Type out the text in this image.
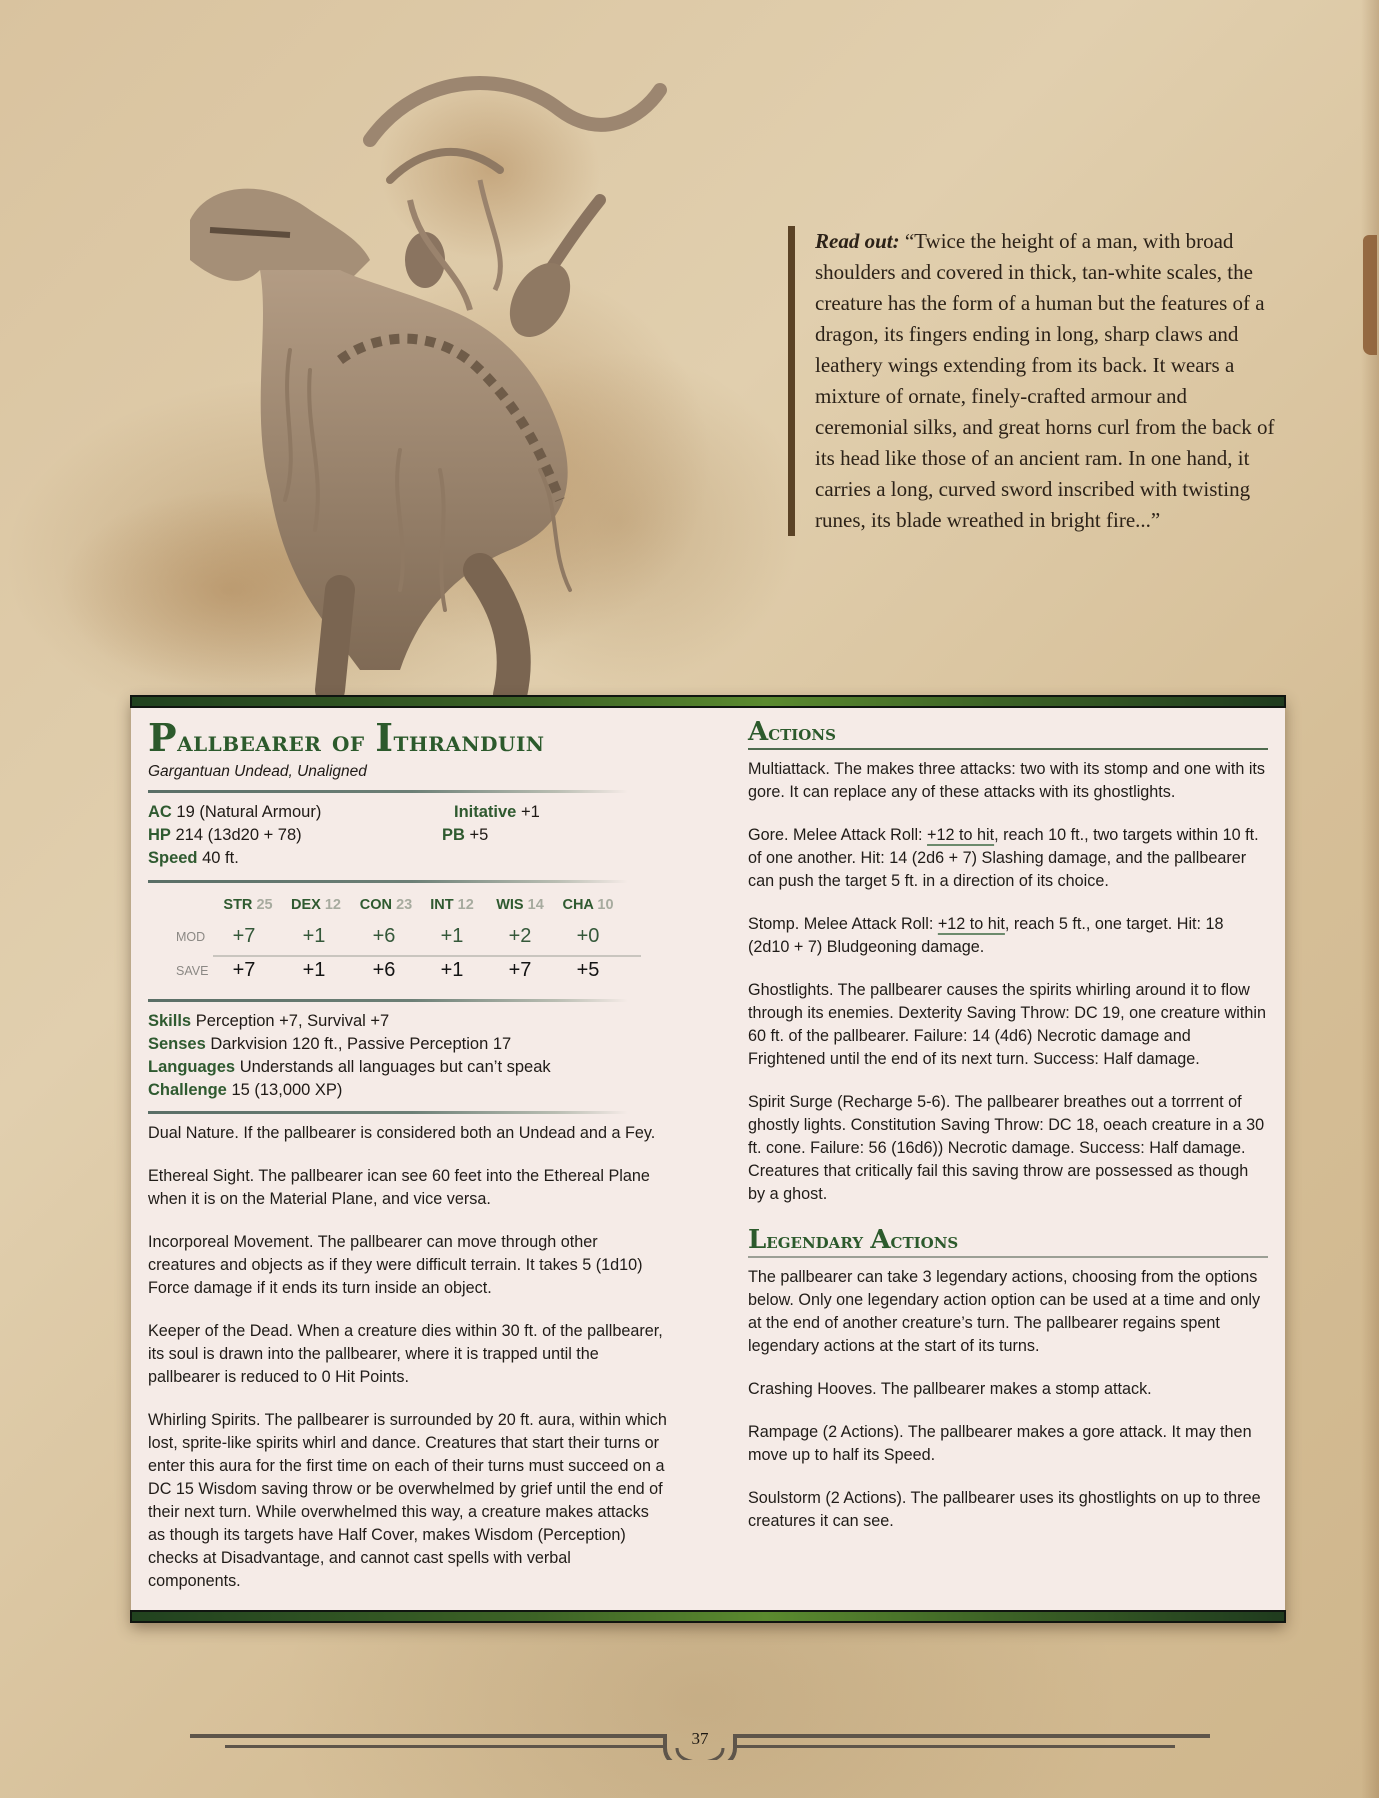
Read out: “Twice the height of a man, with broad shoulders and covered in thick, tan-white scales, the creature has the form of a human but the features of a dragon, its fingers ending in long, sharp claws and leathery wings extending from its back. It wears a mixture of ornate, finely-crafted armour and ceremonial silks, and great horns curl from the back of its head like those of an ancient ram. In one hand, it carries a long, curved sword inscribed with twisting runes, its blade wreathed in bright fire...”
Pallbearer of Ithranduin
Gargantuan Undead, Unaligned
AC 19 (Natural Armour)
HP 214 (13d20 + 78)
Speed 40 ft.
Initative +1
PB +5
STR 25	DEX 12	CON 23	INT 12	WIS 14	CHA 10
MOD	+7	+1	+6	+1	+2	+0
SAVE	+7	+1	+6	+1	+7	+5
Skills Perception +7, Survival +7
Senses Darkvision 120 ft., Passive Perception 17
Languages Understands all languages but can’t speak
Challenge 15 (13,000 XP)
Dual Nature. If the pallbearer is considered both an Undead and a Fey.
Ethereal Sight. The pallbearer ican see 60 feet into the Ethereal Plane when it is on the Material Plane, and vice versa.
Incorporeal Movement. The pallbearer can move through other creatures and objects as if they were difficult terrain. It takes 5 (1d10) Force damage if it ends its turn inside an object.
Keeper of the Dead. When a creature dies within 30 ft. of the pallbearer, its soul is drawn into the pallbearer, where it is trapped until the pallbearer is reduced to 0 Hit Points.
Whirling Spirits. The pallbearer is surrounded by 20 ft. aura, within which lost, sprite-like spirits whirl and dance. Creatures that start their turns or enter this aura for the first time on each of their turns must succeed on a DC 15 Wisdom saving throw or be overwhelmed by grief until the end of their next turn. While overwhelmed this way, a creature makes attacks as though its targets have Half Cover, makes Wisdom (Perception) checks at Disadvantage, and cannot cast spells with verbal components.
Actions
Multiattack. The makes three attacks: two with its stomp and one with its gore. It can replace any of these attacks with its ghostlights.
Gore. Melee Attack Roll: +12 to hit, reach 10 ft., two targets within 10 ft. of one another. Hit: 14 (2d6 + 7) Slashing damage, and the pallbearer can push the target 5 ft. in a direction of its choice.
Stomp. Melee Attack Roll: +12 to hit, reach 5 ft., one target. Hit: 18 (2d10 + 7) Bludgeoning damage.
Ghostlights. The pallbearer causes the spirits whirling around it to flow through its enemies. Dexterity Saving Throw: DC 19, one creature within 60 ft. of the pallbearer. Failure: 14 (4d6) Necrotic damage and Frightened until the end of its next turn. Success: Half damage.
Spirit Surge (Recharge 5-6). The pallbearer breathes out a torrrent of ghostly lights. Constitution Saving Throw: DC 18, oeach creature in a 30 ft. cone. Failure: 56 (16d6)) Necrotic damage. Success: Half damage. Creatures that critically fail this saving throw are possessed as though by a ghost.
Legendary Actions
The pallbearer can take 3 legendary actions, choosing from the options below. Only one legendary action option can be used at a time and only at the end of another creature’s turn. The pallbearer regains spent legendary actions at the start of its turns.
Crashing Hooves. The pallbearer makes a stomp attack.
Rampage (2 Actions). The pallbearer makes a gore attack. It may then move up to half its Speed.
Soulstorm (2 Actions). The pallbearer uses its ghostlights on up to three creatures it can see.
37
